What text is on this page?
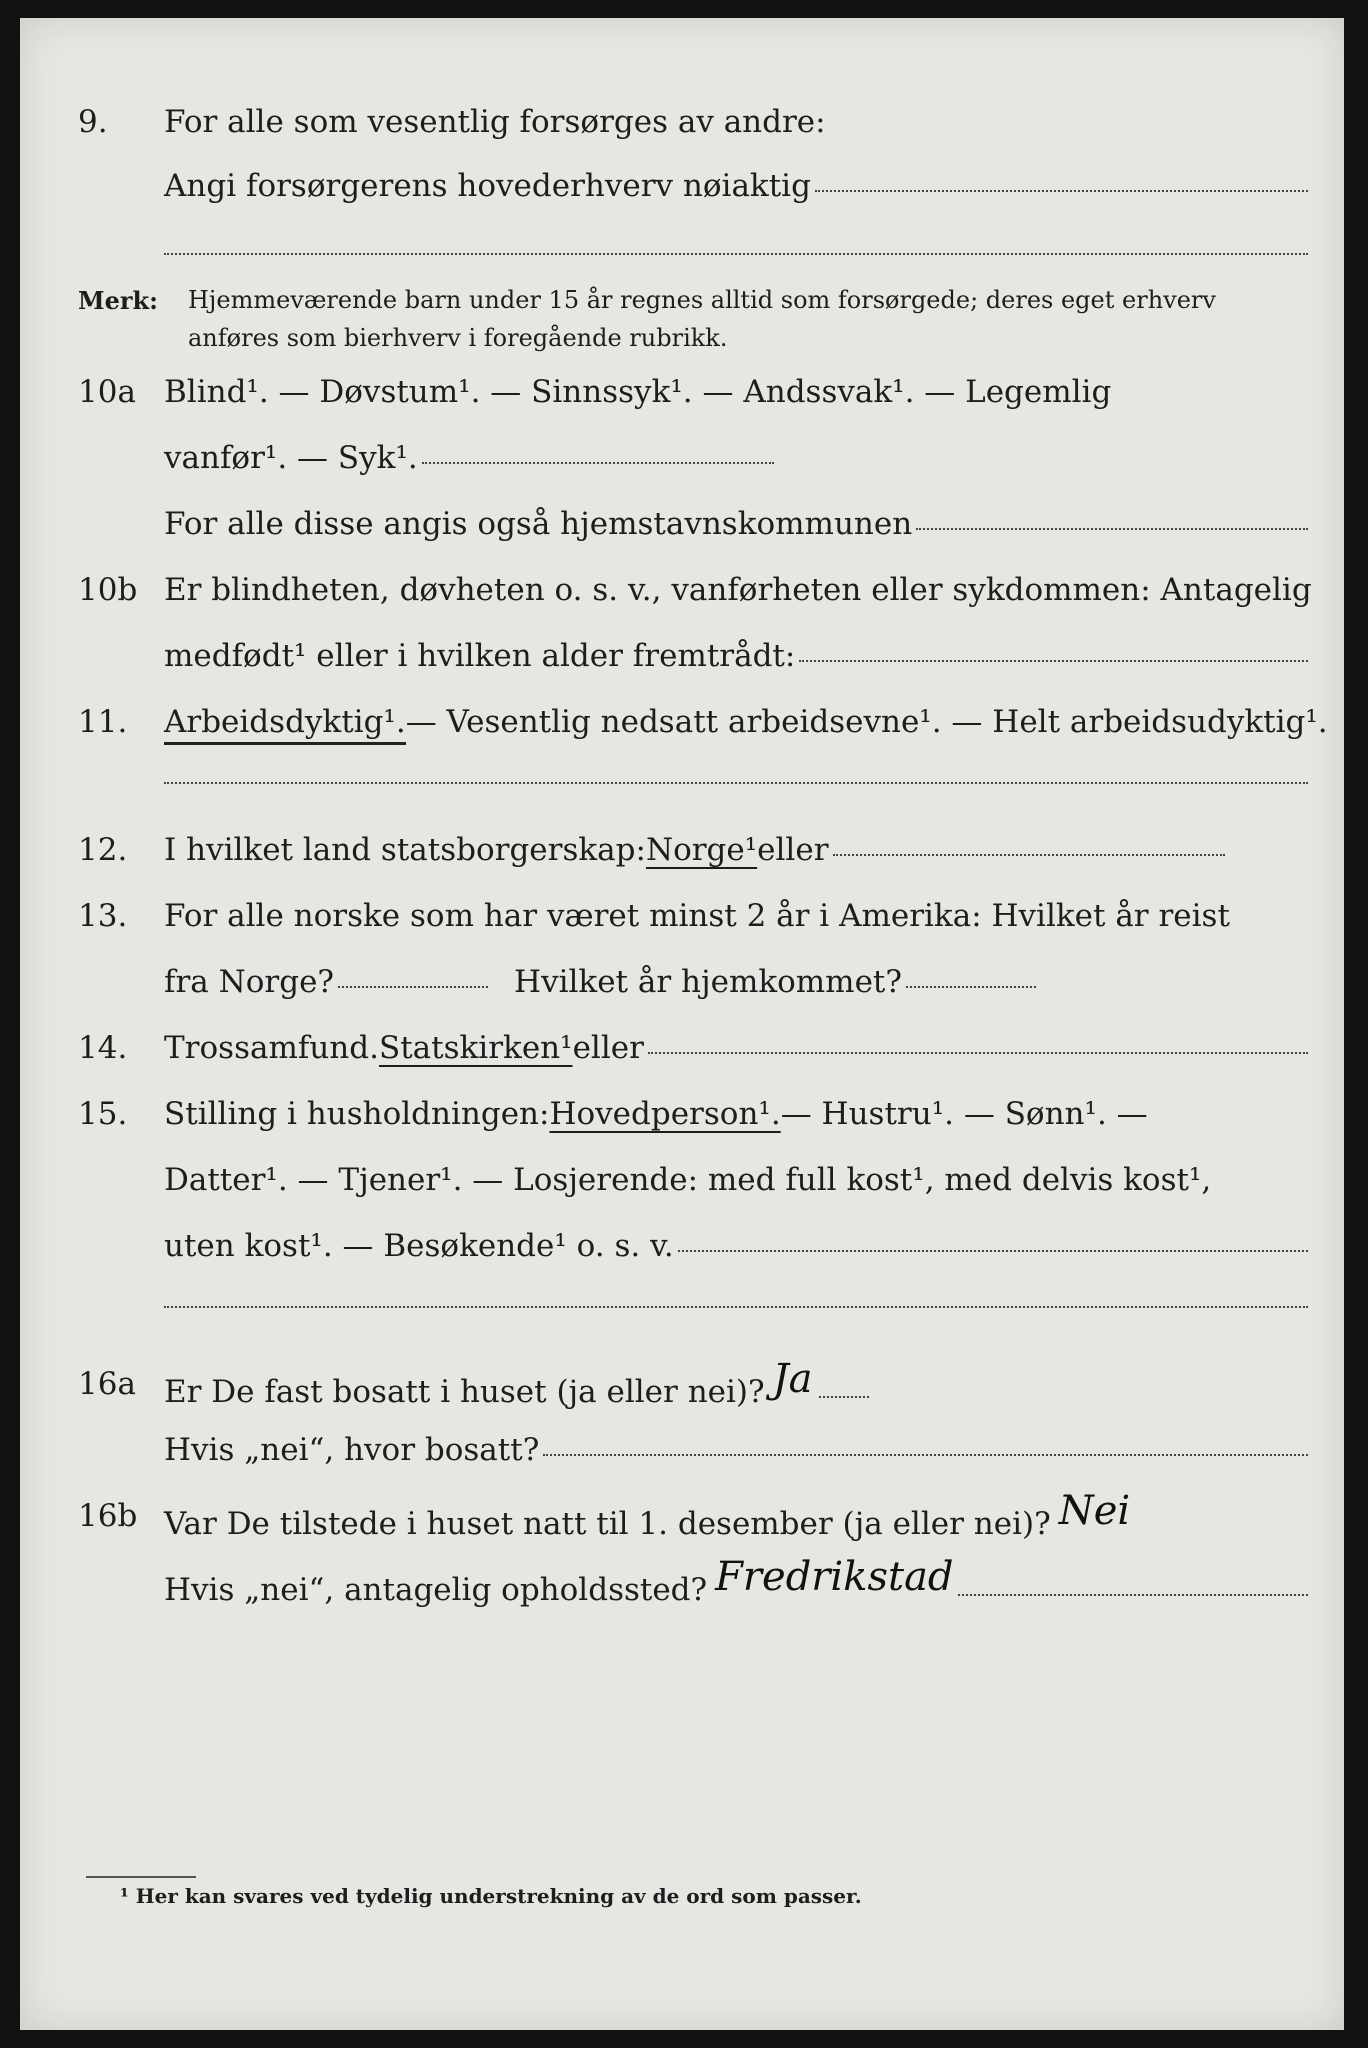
9.	For alle som vesentlig forsørges av andre:
Angi forsørgerens hovederhverv nøiaktig
Merk:	Hjemmeværende barn under 15 år regnes alltid som forsørgede; deres eget erhverv
anføres som bierhverv i foregående rubrikk.
10a Blind¹. — Døvstum¹. — Sinnssyk¹. — Andssvak¹. — Legemlig
vanfør¹. — Syk¹.
For alle disse angis også hjemstavnskommunen
10b Er blindheten, døvheten o. s. v., vanførheten eller sykdommen: Antagelig
medfødt¹ eller i hvilken alder fremtrådt:
11.	Arbeidsdyktig¹. — Vesentlig nedsatt arbeidsevne¹. — Helt arbeidsudyktig¹.
12.	I hvilket land statsborgerskap: Norge¹ eller
13.	For alle norske som har været minst 2 år i Amerika: Hvilket år reist
fra Norge?	Hvilket år hjemkommet?
14.	Trossamfund. Statskirken¹ eller
15.	Stilling i husholdningen: Hovedperson¹. — Hustru¹. — Sønn¹. —
Datter¹. — Tjener¹. — Losjerende: med full kost¹, med delvis kost¹,
uten kost¹. — Besøkende¹ o. s. v.
16a Er De fast bosatt i huset (ja eller nei)? Ja
Hvis „nei“, hvor bosatt?
16b Var De tilstede i huset natt til 1. desember (ja eller nei)? Nei
Hvis „nei“, antagelig opholdssted? Fredrikstad
¹ Her kan svares ved tydelig understrekning av de ord som passer.
